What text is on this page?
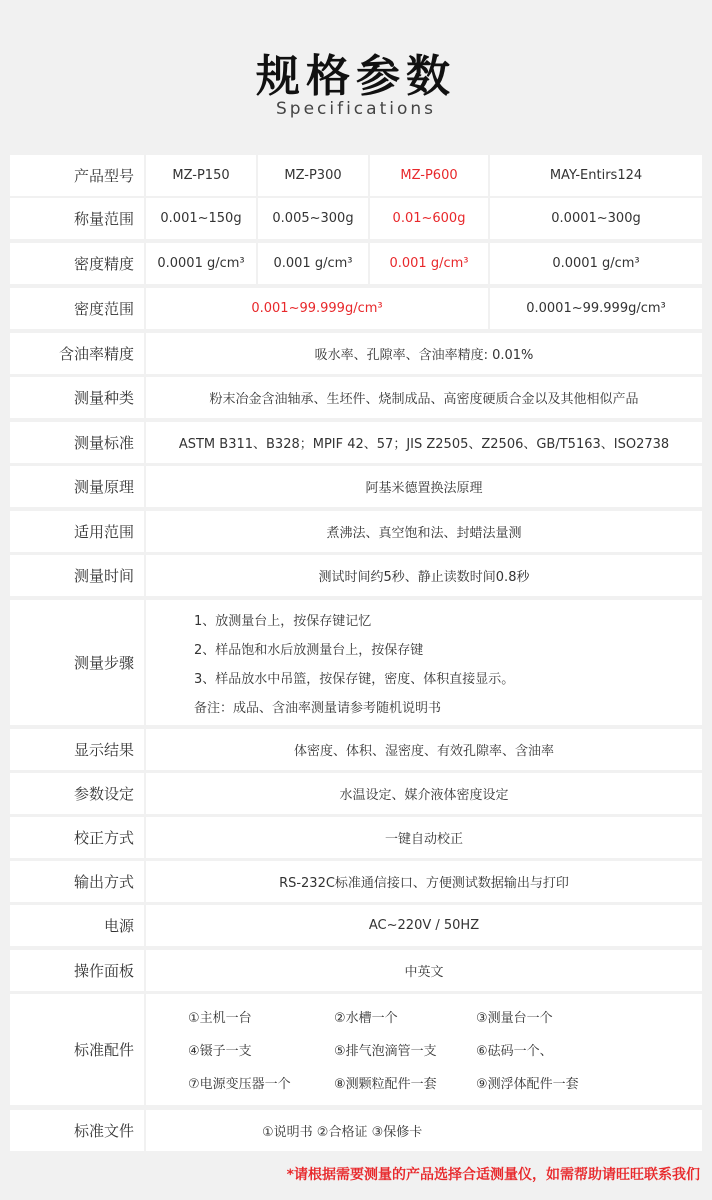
规格参数
Specifications
产品型号	MZ-P150	MZ-P300	MZ-P600	MAY-Entirs124
称量范围	0.001~150g	0.005~300g	0.01~600g	0.0001~300g
密度精度	0.0001 g/cm³	0.001 g/cm³	0.001 g/cm³	0.0001 g/cm³
密度范围	0.001~99.999g/cm³	0.0001~99.999g/cm³
含油率精度	吸水率、孔隙率、含油率精度: 0.01%
测量种类	粉末冶金含油轴承、生坯件、烧制成品、高密度硬质合金以及其他相似产品
测量标准	ASTM B311、B328；MPIF 42、57；JIS Z2505、Z2506、GB/T5163、ISO2738
测量原理	阿基米德置换法原理
适用范围	煮沸法、真空饱和法、封蜡法量测
测量时间	测试时间约5秒、静止读数时间0.8秒
测量步骤
1、放测量台上，按保存键记忆
2、样品饱和水后放测量台上，按保存键
3、样品放水中吊篮，按保存键，密度、体积直接显示。
备注：成品、含油率测量请参考随机说明书
显示结果	体密度、体积、湿密度、有效孔隙率、含油率
参数设定	水温设定、媒介液体密度设定
校正方式	一键自动校正
输出方式	RS-232C标准通信接口、方便测试数据输出与打印
电源	AC~220V / 50HZ
操作面板	中英文
标准配件
①主机一台	②水槽一个	③测量台一个
④镊子一支	⑤排气泡滴管一支	⑥砝码一个、
⑦电源变压器一个	⑧测颗粒配件一套	⑨测浮体配件一套
标准文件	①说明书 ②合格证 ③保修卡
*请根据需要测量的产品选择合适测量仪，如需帮助请旺旺联系我们
